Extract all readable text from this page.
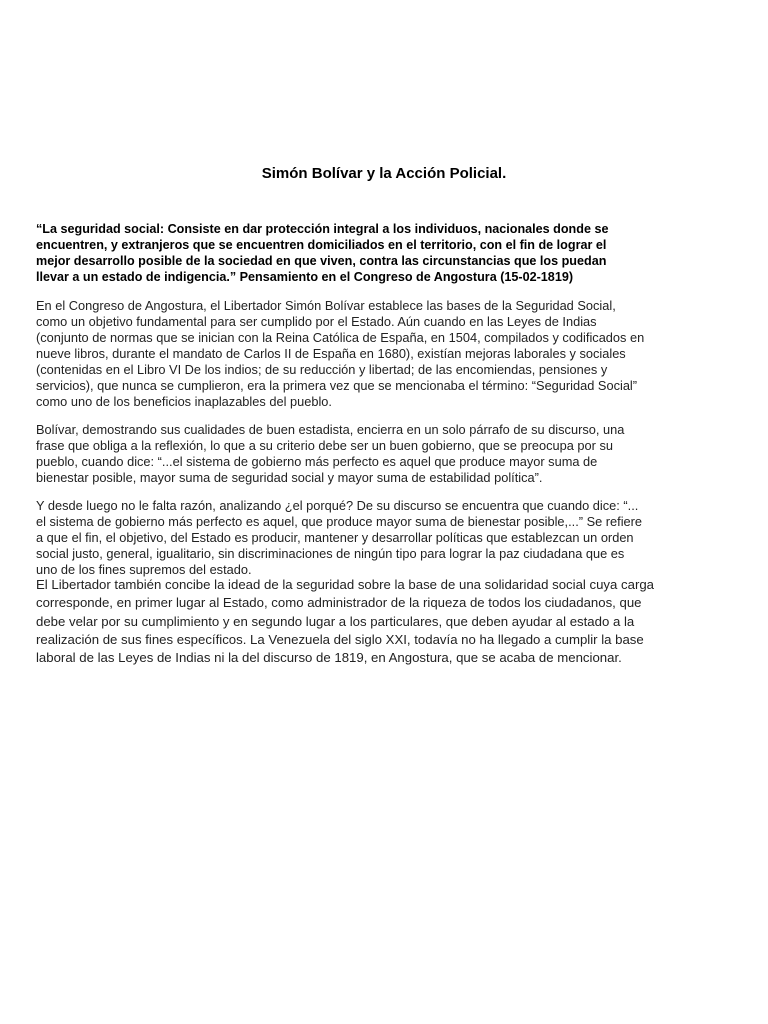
Simón Bolívar y la Acción Policial.
“La seguridad social: Consiste en dar protección integral a los individuos, nacionales donde se
encuentren, y extranjeros que se encuentren domiciliados en el territorio, con el fin de lograr el
mejor desarrollo posible de la sociedad en que viven, contra las circunstancias que los puedan
llevar a un estado de indigencia.” Pensamiento en el Congreso de Angostura (15-02-1819)
En el Congreso de Angostura, el Libertador Simón Bolívar establece las bases de la Seguridad Social,
como un objetivo fundamental para ser cumplido por el Estado. Aún cuando en las Leyes de Indias
(conjunto de normas que se inician con la Reina Católica de España, en 1504, compilados y codificados en
nueve libros, durante el mandato de Carlos II de España en 1680), existían mejoras laborales y sociales
(contenidas en el Libro VI De los indios; de su reducción y libertad; de las encomiendas, pensiones y
servicios), que nunca se cumplieron, era la primera vez que se mencionaba el término: “Seguridad Social”
como uno de los beneficios inaplazables del pueblo.
Bolívar, demostrando sus cualidades de buen estadista, encierra en un solo párrafo de su discurso, una
frase que obliga a la reflexión, lo que a su criterio debe ser un buen gobierno, que se preocupa por su
pueblo, cuando dice: “...el sistema de gobierno más perfecto es aquel que produce mayor suma de
bienestar posible, mayor suma de seguridad social y mayor suma de estabilidad política”.
Y desde luego no le falta razón, analizando ¿el porqué? De su discurso se encuentra que cuando dice: “...
el sistema de gobierno más perfecto es aquel, que produce mayor suma de bienestar posible,...” Se refiere
a que el fin, el objetivo, del Estado es producir, mantener y desarrollar políticas que establezcan un orden
social justo, general, igualitario, sin discriminaciones de ningún tipo para lograr la paz ciudadana que es
uno de los fines supremos del estado.
El Libertador también concibe la idead de la seguridad sobre la base de una solidaridad social cuya carga
corresponde, en primer lugar al Estado, como administrador de la riqueza de todos los ciudadanos, que
debe velar por su cumplimiento y en segundo lugar a los particulares, que deben ayudar al estado a la
realización de sus fines específicos. La Venezuela del siglo XXI, todavía no ha llegado a cumplir la base
laboral de las Leyes de Indias ni la del discurso de 1819, en Angostura, que se acaba de mencionar.
